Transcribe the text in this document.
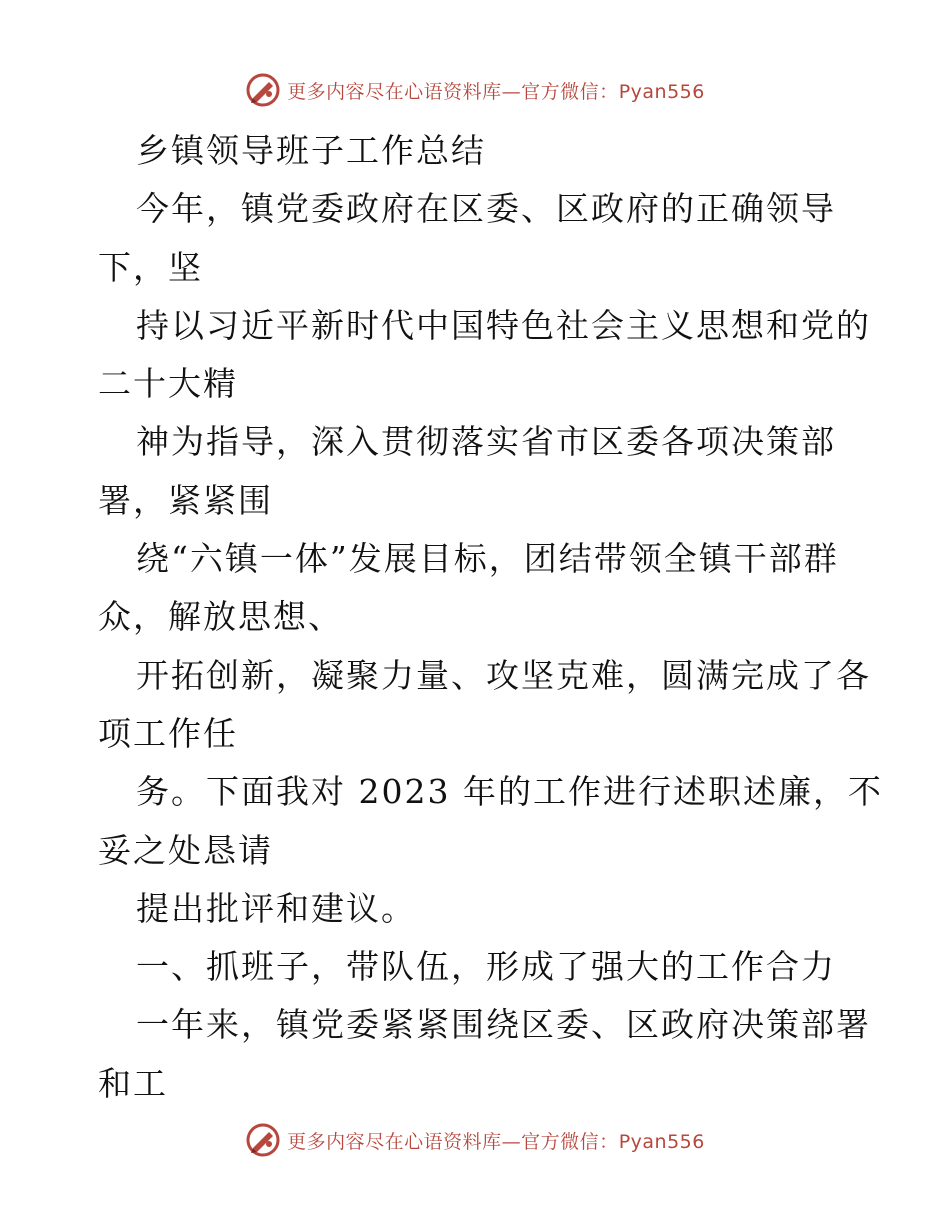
更多内容尽在心语资料库—官方微信：Pyan556
乡镇领导班子工作总结
今年，镇党委政府在区委、区政府的正确领导
下，坚
持以习近平新时代中国特色社会主义思想和党的
二十大精
神为指导，深入贯彻落实省市区委各项决策部
署，紧紧围
绕“六镇一体”发展目标，团结带领全镇干部群
众，解放思想、
开拓创新，凝聚力量、攻坚克难，圆满完成了各
项工作任
务。下面我对 2023 年的工作进行述职述廉，不
妥之处恳请
提出批评和建议。
一、抓班子，带队伍，形成了强大的工作合力
一年来，镇党委紧紧围绕区委、区政府决策部署
和工
更多内容尽在心语资料库—官方微信：Pyan556
